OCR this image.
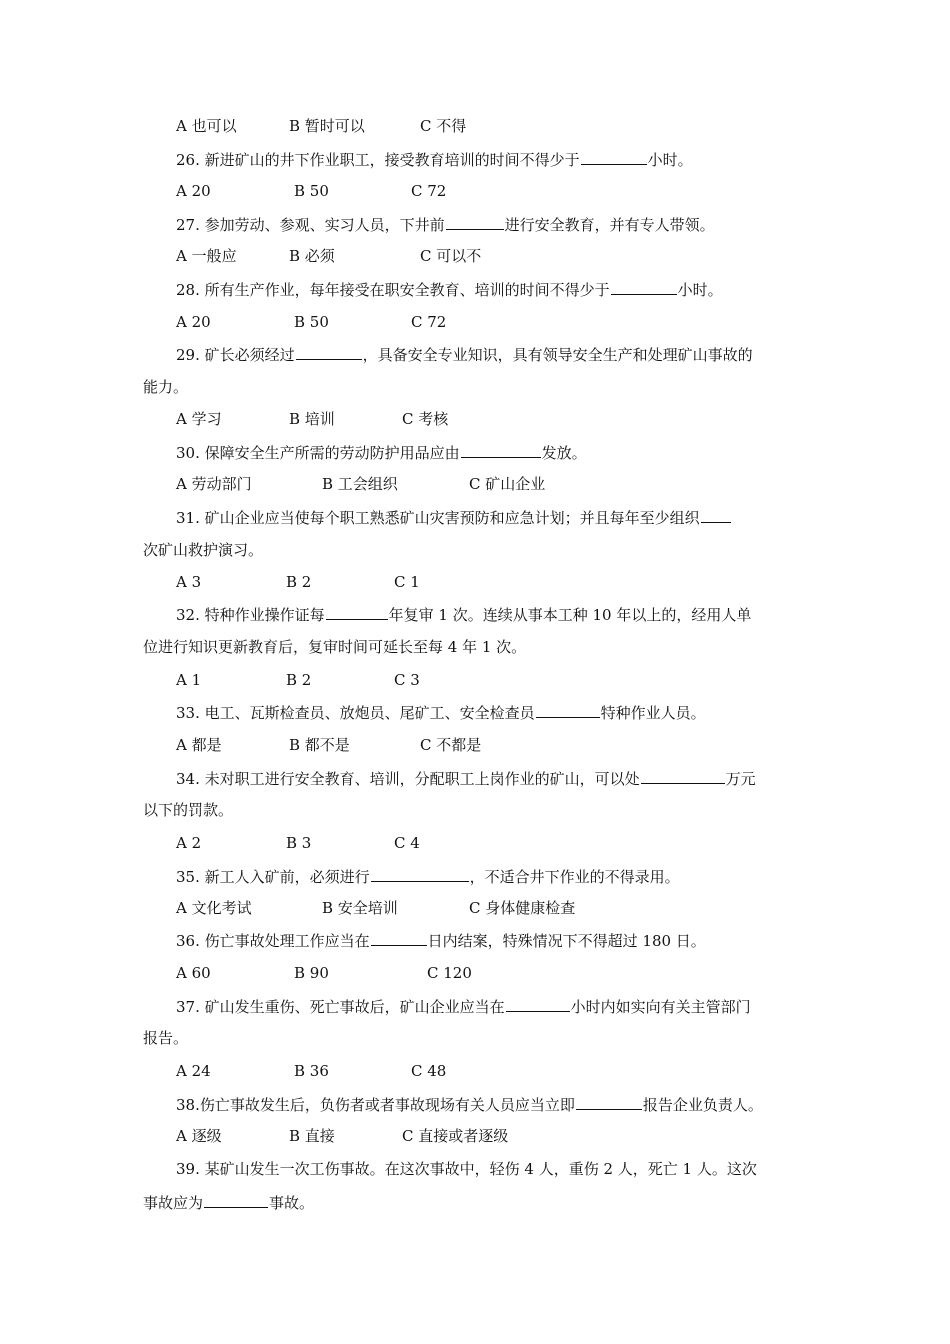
A 也可以	B 暂时可以	C 不得
26. 新进矿山的井下作业职工，接受教育培训的时间不得少于	小时。
A 20	B 50	C 72
27. 参加劳动、参观、实习人员，下井前	进行安全教育，并有专人带领。
A 一般应	B 必须	C 可以不
28. 所有生产作业，每年接受在职安全教育、培训的时间不得少于	小时。
A 20	B 50	C 72
29. 矿长必须经过	，具备安全专业知识，具有领导安全生产和处理矿山事故的
能力。
A 学习	B 培训	C 考核
30. 保障安全生产所需的劳动防护用品应由	发放。
A 劳动部门	B 工会组织	C 矿山企业
31. 矿山企业应当使每个职工熟悉矿山灾害预防和应急计划；并且每年至少组织
次矿山救护演习。
A 3	B 2	C 1
32. 特种作业操作证每	年复审 1 次。连续从事本工种 10 年以上的，经用人单
位进行知识更新教育后，复审时间可延长至每 4 年 1 次。
A 1	B 2	C 3
33. 电工、瓦斯检查员、放炮员、尾矿工、安全检查员	特种作业人员。
A 都是	B 都不是	C 不都是
34. 未对职工进行安全教育、培训，分配职工上岗作业的矿山，可以处	万元
以下的罚款。
A 2	B 3	C 4
35. 新工人入矿前，必须进行	，不适合井下作业的不得录用。
A 文化考试	B 安全培训	C 身体健康检查
36. 伤亡事故处理工作应当在	日内结案，特殊情况下不得超过 180 日。
A 60	B 90	C 120
37. 矿山发生重伤、死亡事故后，矿山企业应当在	小时内如实向有关主管部门
报告。
A 24	B 36	C 48
38.伤亡事故发生后，负伤者或者事故现场有关人员应当立即	报告企业负责人。
A 逐级	B 直接	C 直接或者逐级
39. 某矿山发生一次工伤事故。在这次事故中，轻伤 4 人，重伤 2 人，死亡 1 人。这次
事故应为	事故。
